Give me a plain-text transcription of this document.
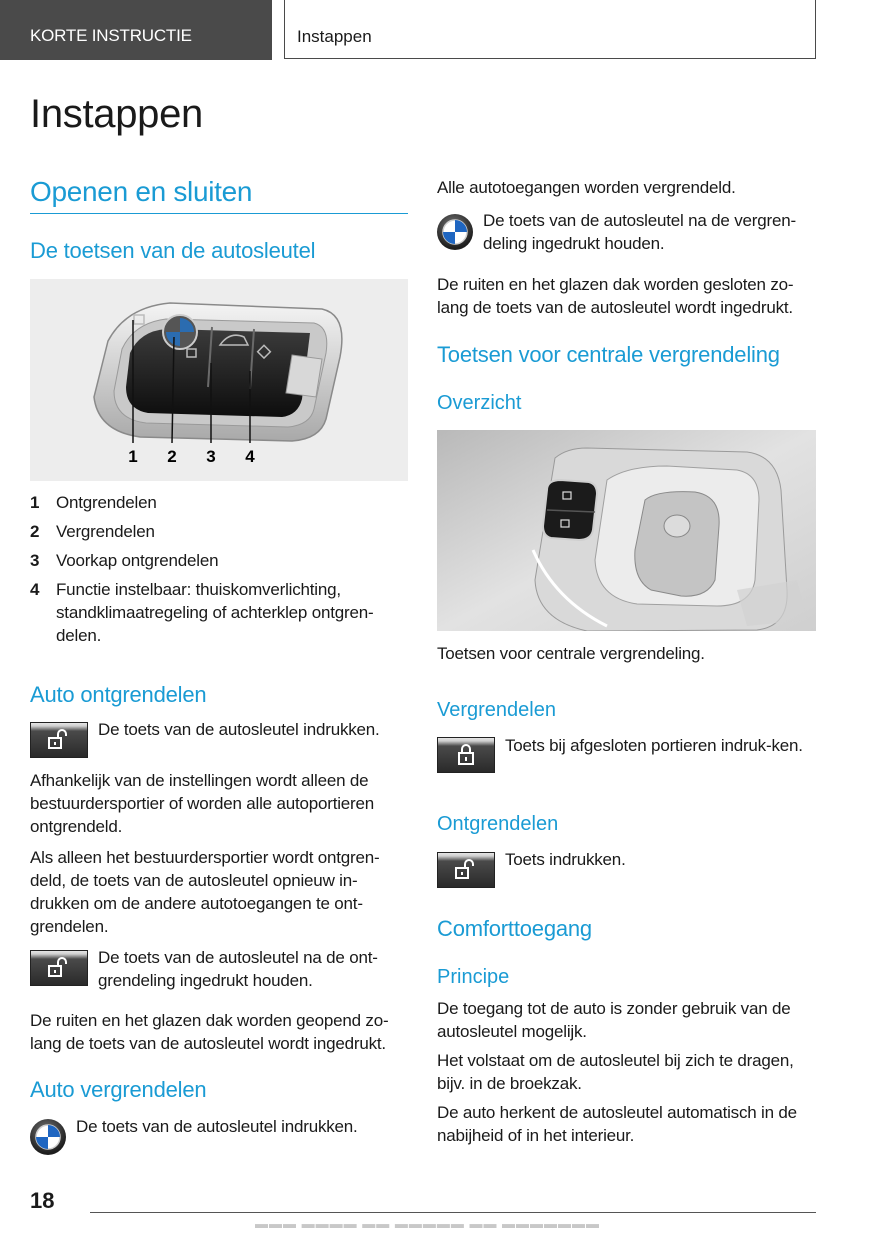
KORTE INSTRUCTIE	Instappen
Instappen
Openen en sluiten
De toetsen van de autosleutel
1 2 3 4
1 Ontgrendelen
2 Vergrendelen
3 Voorkap ontgrendelen
4 Functie instelbaar: thuiskomverlichting, standklimaatregeling of achterklep ontgren-delen.
Auto ontgrendelen
De toets van de autosleutel indrukken.
Afhankelijk van de instellingen wordt alleen de bestuurdersportier of worden alle autoportieren ontgrendeld.
Als alleen het bestuurdersportier wordt ontgren-deld, de toets van de autosleutel opnieuw in-drukken om de andere autotoegangen te ont-grendelen.
De toets van de autosleutel na de ont-grendeling ingedrukt houden.
De ruiten en het glazen dak worden geopend zo-lang de toets van de autosleutel wordt ingedrukt.
Auto vergrendelen
De toets van de autosleutel indrukken.
Alle autotoegangen worden vergrendeld.
De toets van de autosleutel na de vergren-deling ingedrukt houden.
De ruiten en het glazen dak worden gesloten zo-lang de toets van de autosleutel wordt ingedrukt.
Toetsen voor centrale vergrendeling
Overzicht
Toetsen voor centrale vergrendeling.
Vergrendelen
Toets bij afgesloten portieren indruk-ken.
Ontgrendelen
Toets indrukken.
Comforttoegang
Principe
De toegang tot de auto is zonder gebruik van de autosleutel mogelijk.
Het volstaat om de autosleutel bij zich te dragen, bijv. in de broekzak.
De auto herkent de autosleutel automatisch in de nabijheid of in het interieur.
18
▬▬▬ ▬▬▬▬ ▬▬ ▬▬▬▬▬ ▬▬ ▬▬▬▬▬▬▬
